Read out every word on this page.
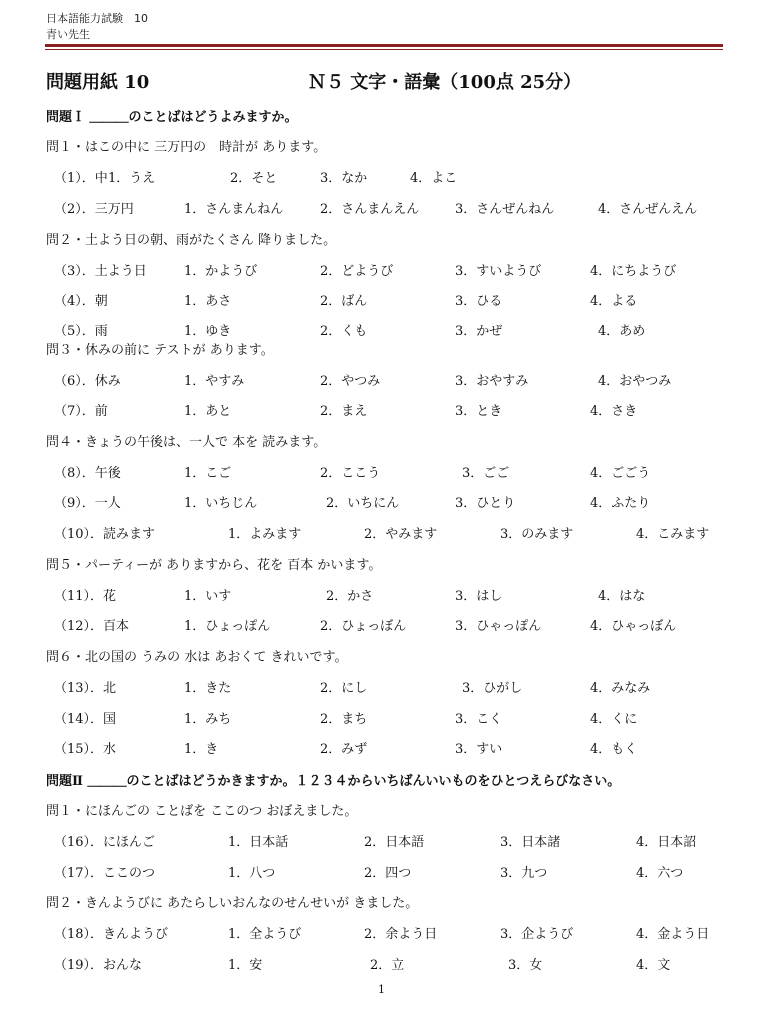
日本語能力試験　10
青い先生
問題用紙 10	Ｎ５ 文字・語彙（100点 25分）
問題Ｉ ＿＿＿のことばはどうよみますか。
問１・はこの中に 三万円の　時計が あります。
（1）．中 1．うえ	2．そと	3．なか	4．よこ
（2）．三万円	1．さんまんねん	2．さんまんえん	3．さんぜんねん	4．さんぜんえん
問２・土よう日の朝、雨がたくさん 降りました。
（3）．土よう日	1．かようび	2．どようび	3．すいようび	4．にちようび
（4）．朝	1．あさ	2．ばん	3．ひる	4．よる
（5）．雨	1．ゆき	2．くも	3．かぜ	4．あめ
問３・休みの前に テストが あります。
（6）．休み	1．やすみ	2．やつみ	3．おやすみ	4．おやつみ
（7）．前	1．あと	2．まえ	3．とき	4．さき
問４・きょうの午後は、一人で 本を 読みます。
（8）．午後	1．こご	2．ここう	3．ごご	4．ごごう
（9）．一人	1．いちじん	2．いちにん	3．ひとり	4．ふたり
（10）．読みます	1．よみます	2．やみます	3．のみます	4．こみます
問５・パーティーが ありますから、花を 百本 かいます。
（11）．花	1．いす	2．かさ	3．はし	4．はな
（12）．百本	1．ひょっぽん	2．ひょっぼん	3．ひゃっぽん	4．ひゃっぼん
問６・北の国の うみの 水は あおくて きれいです。
（13）．北	1．きた	2．にし	3．ひがし	4．みなみ
（14）．国	1．みち	2．まち	3．こく	4．くに
（15）．水	1．き	2．みず	3．すい	4．もく
問題Ⅱ ＿＿＿のことばはどうかきますか。１２３４からいちばんいいものをひとつえらびなさい。
問１・にほんごの ことばを ここのつ おぼえました。
（16）．にほんご	1．日本話	2．日本語	3．日本諸	4．日本詔
（17）．ここのつ	1．八つ	2．四つ	3．九つ	4．六つ
問２・きんようびに あたらしいおんなのせんせいが きました。
（18）．きんようび	1．全ようび	2．余よう日	3．企ようび	4．金よう日
（19）．おんな	1．安	2．立	3．女	4．文
1
